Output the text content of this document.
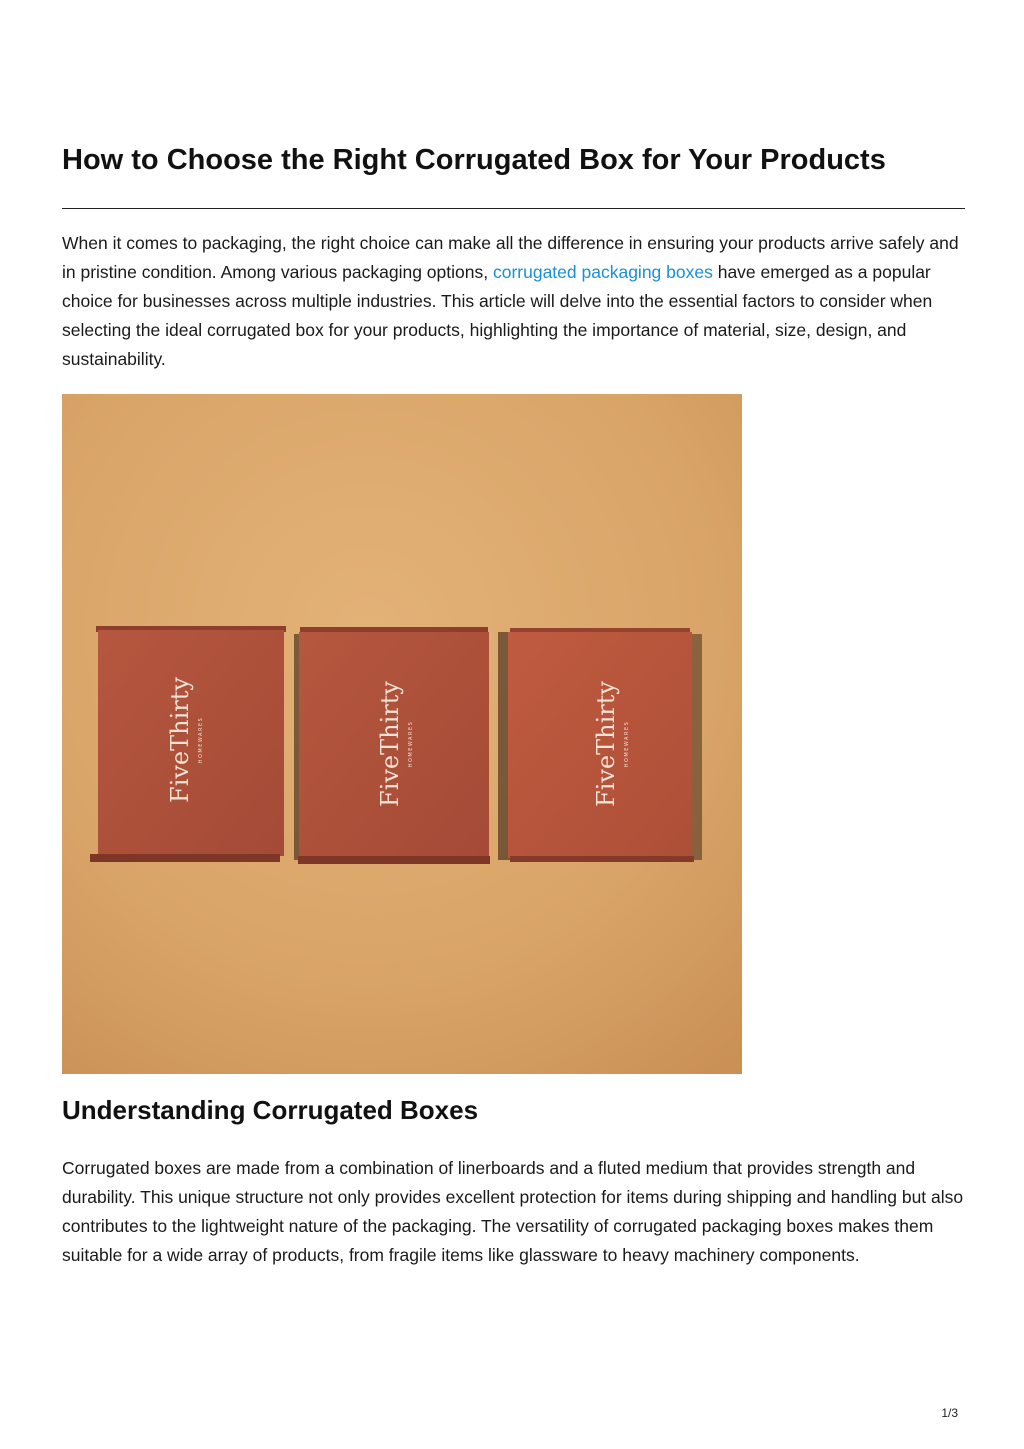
How to Choose the Right Corrugated Box for Your Products

When it comes to packaging, the right choice can make all the difference in ensuring your products arrive safely and in pristine condition. Among various packaging options, corrugated packaging boxes have emerged as a popular choice for businesses across multiple industries. This article will delve into the essential factors to consider when selecting the ideal corrugated box for your products, highlighting the importance of material, size, design, and sustainability.

FiveThirty HOMEWARES	FiveThirty HOMEWARES	FiveThirty HOMEWARES
Understanding Corrugated Boxes

Corrugated boxes are made from a combination of linerboards and a fluted medium that provides strength and durability. This unique structure not only provides excellent protection for items during shipping and handling but also contributes to the lightweight nature of the packaging. The versatility of corrugated packaging boxes makes them suitable for a wide array of products, from fragile items like glassware to heavy machinery components.

1/3
